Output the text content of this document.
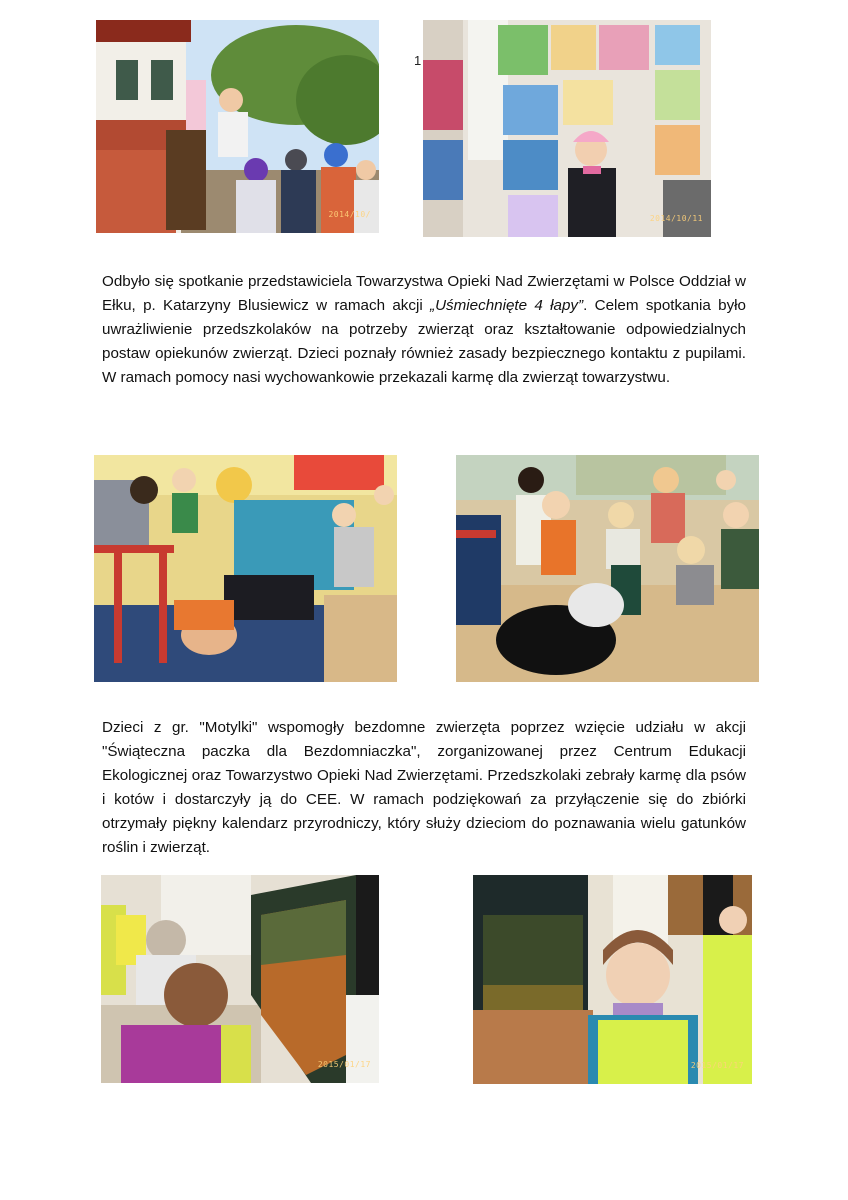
2014/10/
1
2014/10/11

Odbyło się spotkanie przedstawiciela Towarzystwa Opieki Nad Zwierzętami w Polsce Oddział w Ełku, p. Katarzyny Blusiewicz w ramach akcji „Uśmiechnięte 4 łapy”. Celem spotkania było uwrażliwienie przedszkolaków na potrzeby zwierząt oraz kształtowanie odpowiedzialnych postaw opiekunów zwierząt. Dzieci poznały również zasady bezpiecznego kontaktu z pupilami. W ramach pomocy nasi wychowankowie przekazali karmę dla zwierząt towarzystwu.

Dzieci z gr. "Motylki" wspomogły bezdomne zwierzęta poprzez wzięcie udziału w akcji "Świąteczna paczka dla Bezdomniaczka", zorganizowanej przez Centrum Edukacji Ekologicznej oraz Towarzystwo Opieki Nad Zwierzętami. Przedszkolaki zebrały karmę dla psów i kotów i dostarczyły ją do CEE. W ramach podziękowań za przyłączenie się do zbiórki otrzymały piękny kalendarz przyrodniczy, który służy dzieciom do poznawania wielu gatunków roślin i zwierząt.

2015/01/17	2015/01/17
